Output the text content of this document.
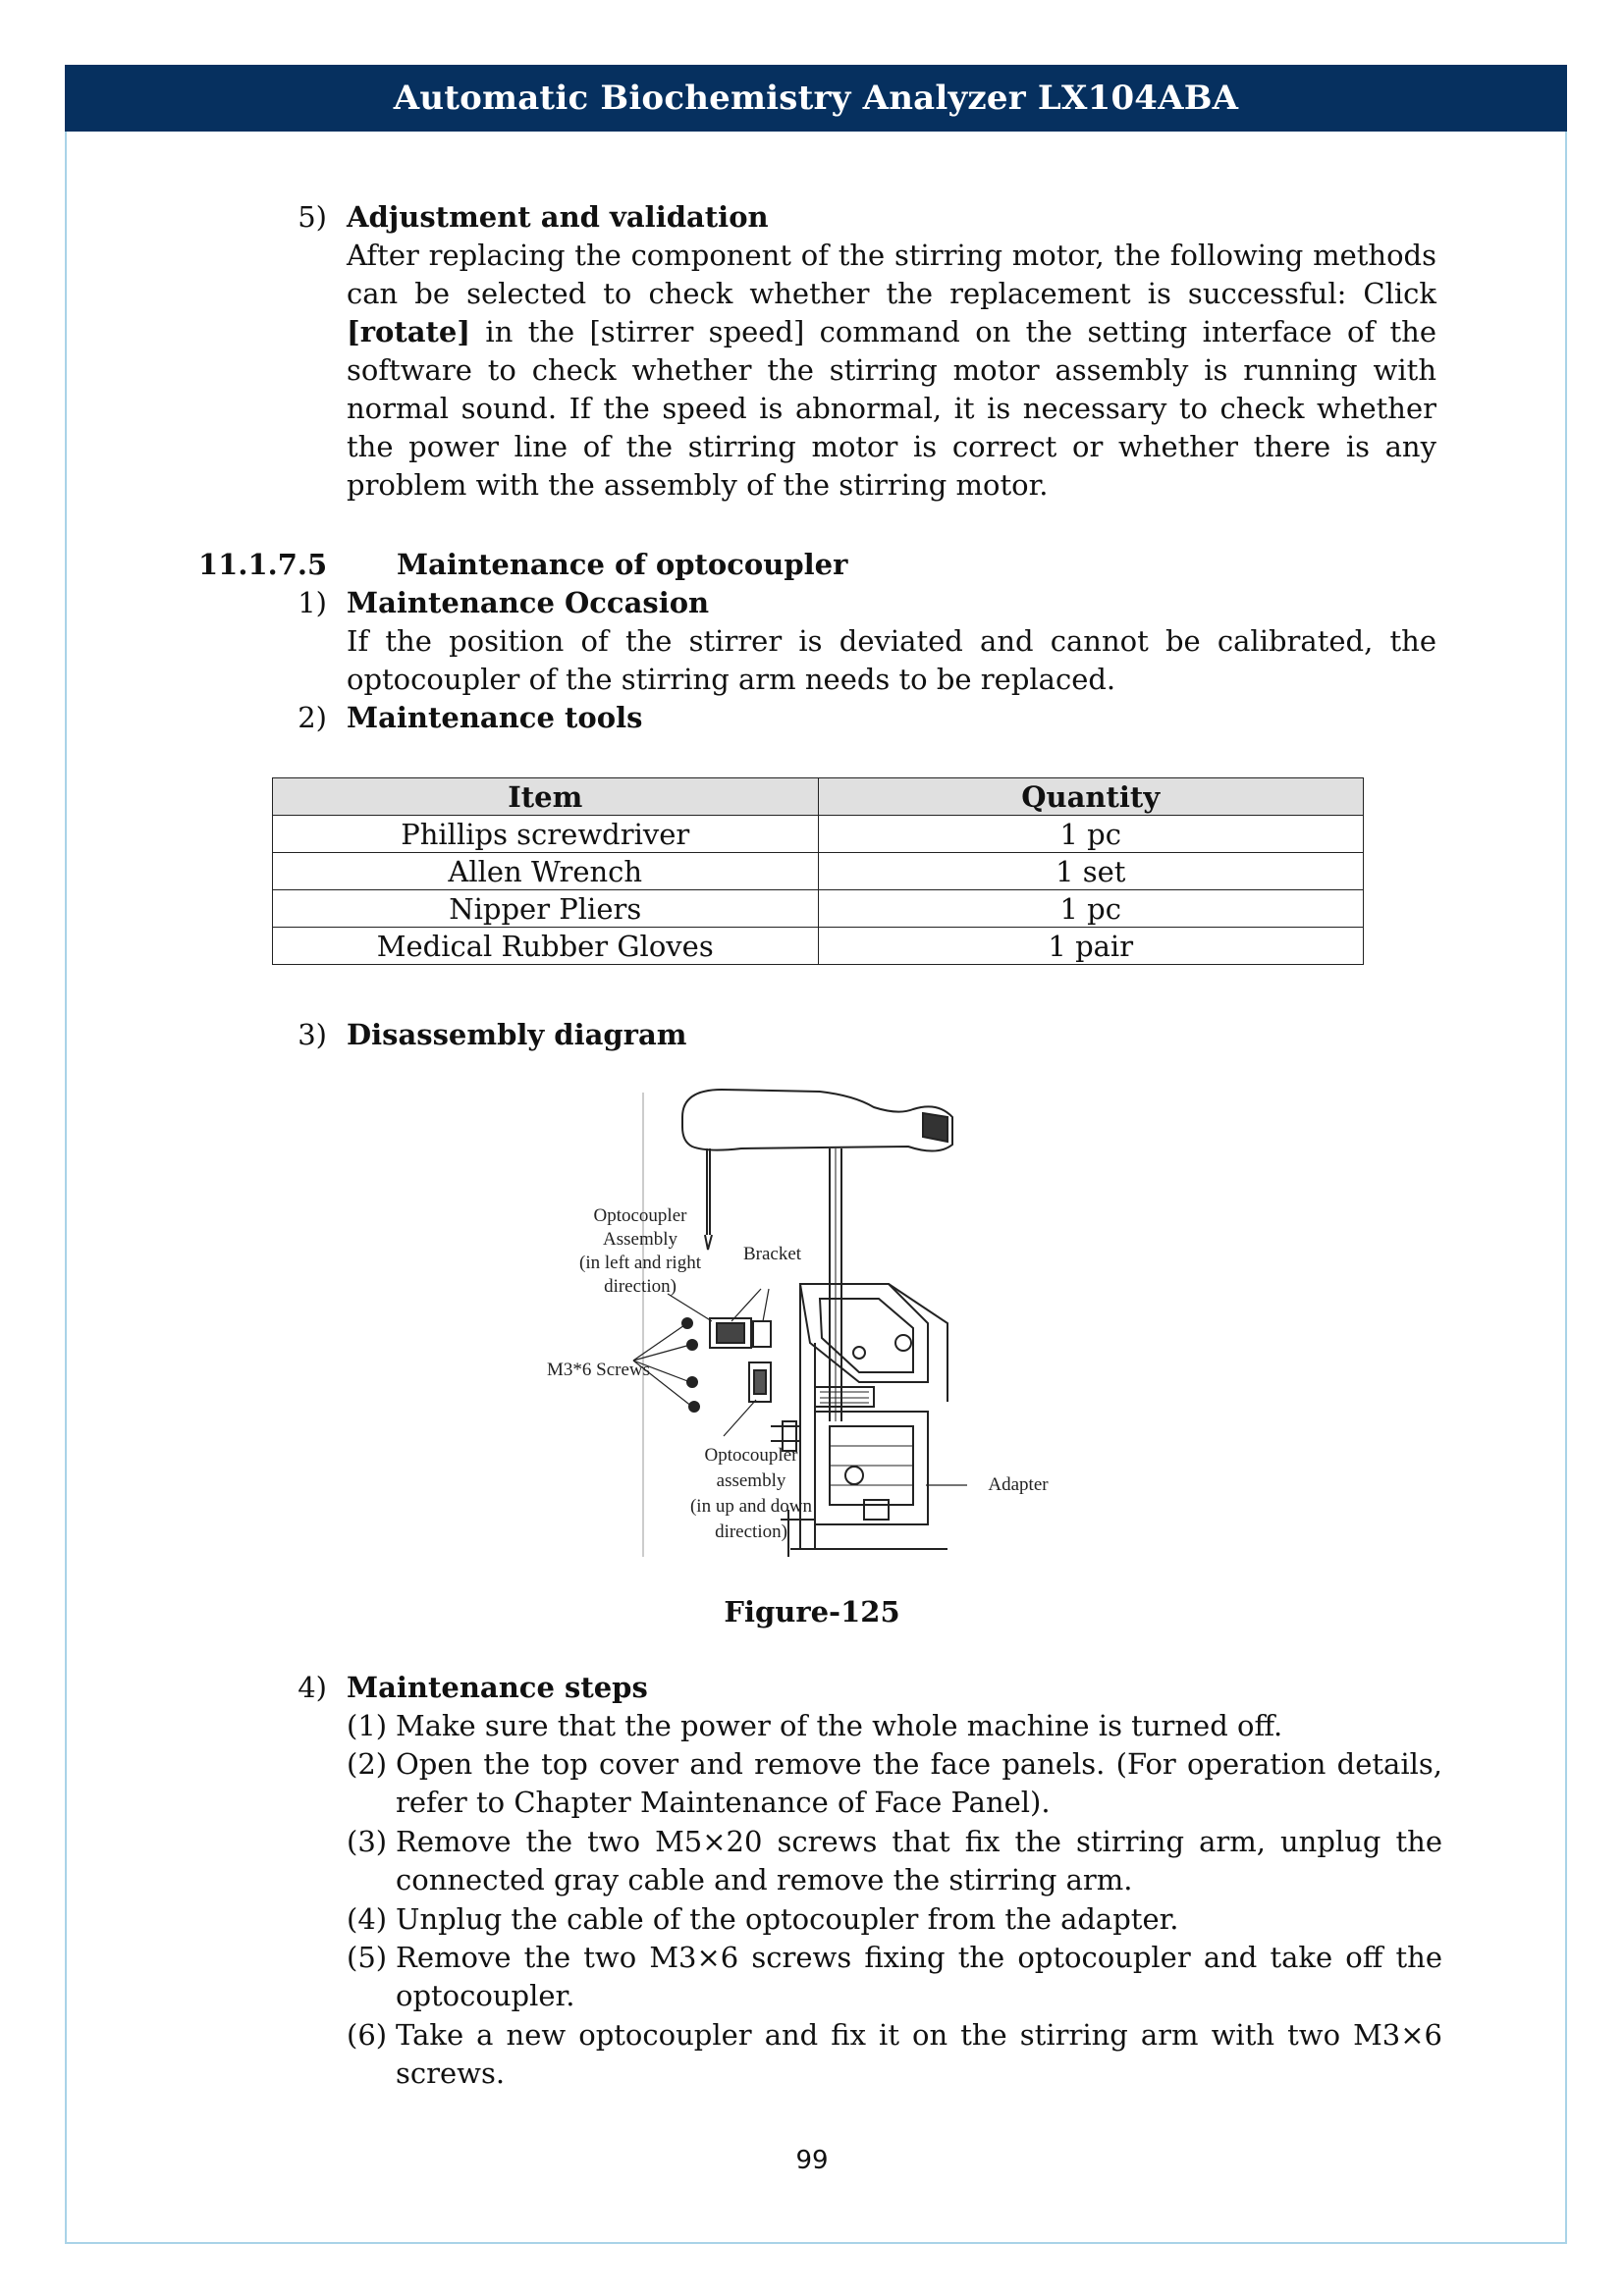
Automatic Biochemistry Analyzer LX104ABA
5) Adjustment and validation
After replacing the component of the stirring motor, the following methods can be selected to check whether the replacement is successful: Click [rotate] in the [stirrer speed] command on the setting interface of the software to check whether the stirring motor assembly is running with normal sound. If the speed is abnormal, it is necessary to check whether the power line of the stirring motor is correct or whether there is any problem with the assembly of the stirring motor.
11.1.7.5 Maintenance of optocoupler
1) Maintenance Occasion
If the position of the stirrer is deviated and cannot be calibrated, the optocoupler of the stirring arm needs to be replaced.
2) Maintenance tools
Item	Quantity
Phillips screwdriver	1 pc
Allen Wrench	1 set
Nipper Pliers	1 pc
Medical Rubber Gloves	1 pair
3) Disassembly diagram
Optocoupler
Assembly
(in left and right
direction)
Bracket
M3*6 Screws
Optocoupler
assembly
(in up and down
direction)
Adapter
Figure-125
4) Maintenance steps
(1) Make sure that the power of the whole machine is turned off.
(2) Open the top cover and remove the face panels. (For operation details, refer to Chapter Maintenance of Face Panel).
(3) Remove the two M5×20 screws that fix the stirring arm, unplug the connected gray cable and remove the stirring arm.
(4) Unplug the cable of the optocoupler from the adapter.
(5) Remove the two M3×6 screws fixing the optocoupler and take off the optocoupler.
(6) Take a new optocoupler and fix it on the stirring arm with two M3×6 screws.
99
